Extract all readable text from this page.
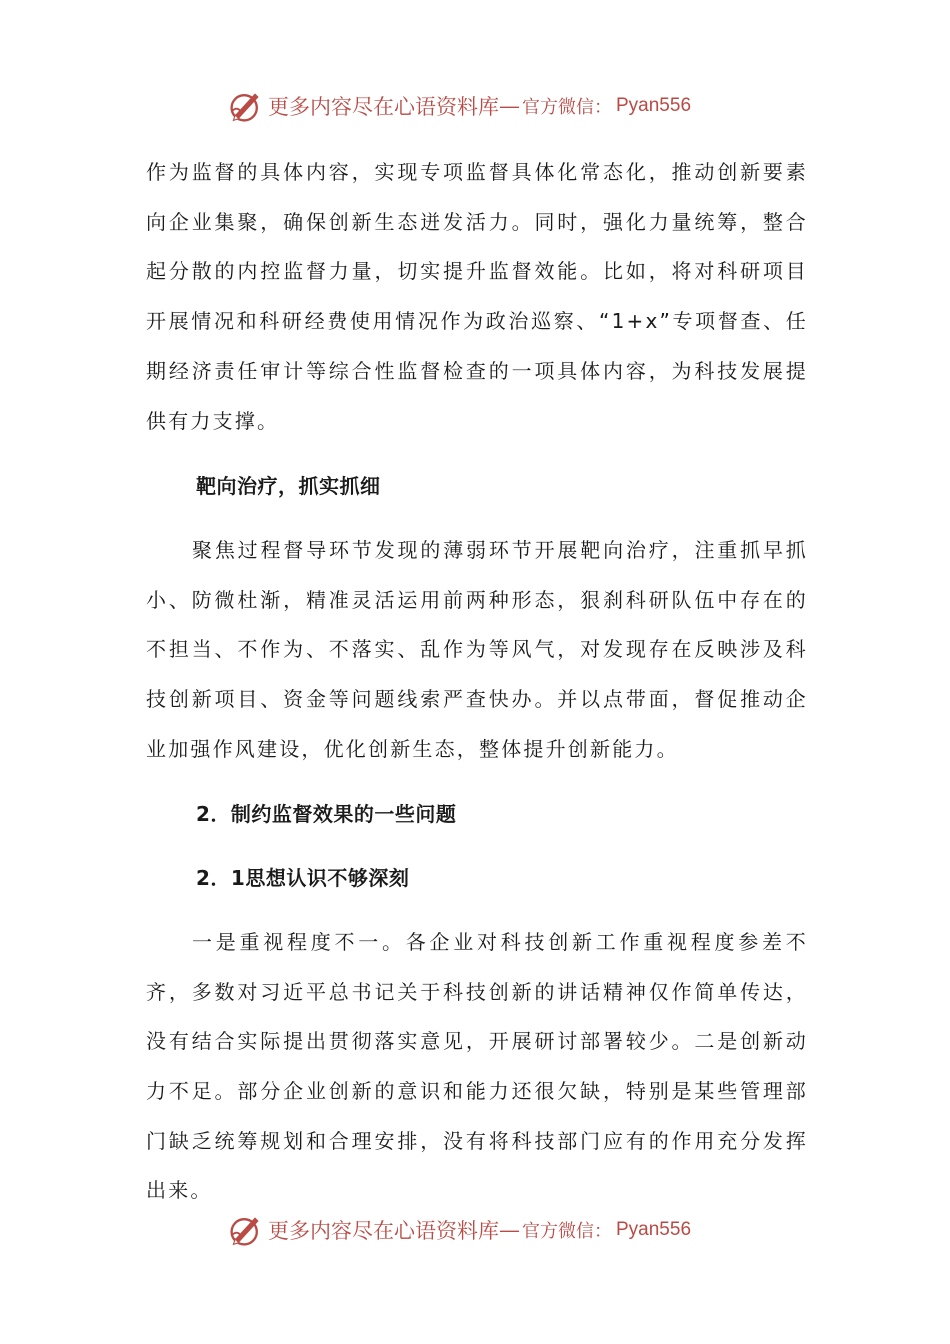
更多内容尽在心语资料库 — 官方微信： Pyan556

作为监督的具体内容，实现专项监督具体化常态化，推动创新要素向企业集聚，确保创新生态迸发活力。同时，强化力量统筹，整合起分散的内控监督力量，切实提升监督效能。比如，将对科研项目开展情况和科研经费使用情况作为政治巡察、“1+x”专项督查、任期经济责任审计等综合性监督检查的一项具体内容，为科技发展提供有力支撑。

靶向治疗，抓实抓细

聚焦过程督导环节发现的薄弱环节开展靶向治疗，注重抓早抓小、防微杜渐，精准灵活运用前两种形态，狠刹科研队伍中存在的不担当、不作为、不落实、乱作为等风气，对发现存在反映涉及科技创新项目、资金等问题线索严查快办。并以点带面，督促推动企业加强作风建设，优化创新生态，整体提升创新能力。

2．制约监督效果的一些问题

2．1思想认识不够深刻

一是重视程度不一。各企业对科技创新工作重视程度参差不齐，多数对习近平总书记关于科技创新的讲话精神仅作简单传达，没有结合实际提出贯彻落实意见，开展研讨部署较少。二是创新动力不足。部分企业创新的意识和能力还很欠缺，特别是某些管理部门缺乏统筹规划和合理安排，没有将科技部门应有的作用充分发挥出来。

更多内容尽在心语资料库 — 官方微信： Pyan556
